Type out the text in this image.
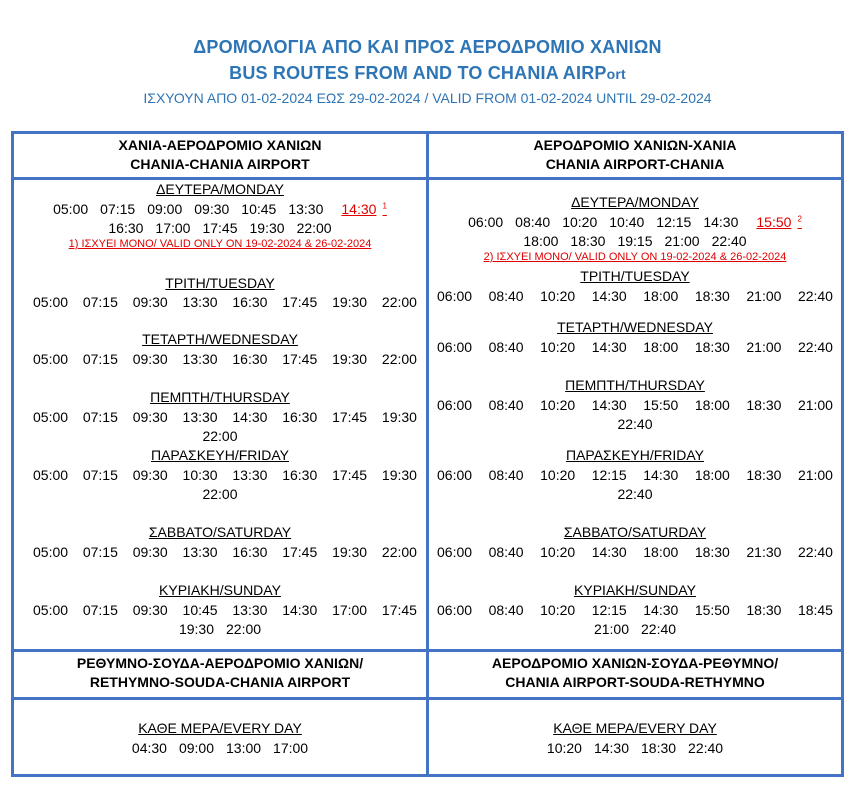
ΔΡΟΜΟΛΟΓΙΑ ΑΠΟ ΚΑΙ ΠΡΟΣ ΑΕΡΟΔΡΟΜΙΟ ΧΑΝΙΩΝ
BUS ROUTES FROM AND TO CHANIA AIRPort
ΙΣΧΥΟΥΝ ΑΠΟ 01-02-2024 ΕΩΣ 29-02-2024 / VALID FROM 01-02-2024 UNTIL 29-02-2024
ΧΑΝΙΑ-ΑΕΡΟΔΡΟΜΙΟ ΧΑΝΙΩΝ
CHANIA-CHANIA AIRPORT
ΑΕΡΟΔΡΟΜΙΟ ΧΑΝΙΩΝ-ΧΑΝΙΑ
CHANIA AIRPORT-CHANIA
ΔΕΥΤΕΡΑ/MONDAY
05:00 07:15 09:00 09:30 10:45 13:30 14:30 $^1$
16:30 17:00 17:45 19:30 22:00
1) ΙΣΧΥΕΙ ΜΟΝΟ/ VALID ONLY ON 19-02-2024 & 26-02-2024
ΤΡΙΤΗ/TUESDAY
05:00 07:15 09:30 13:30 16:30 17:45 19:30 22:00
ΤΕΤΑΡΤΗ/WEDNESDAY
05:00 07:15 09:30 13:30 16:30 17:45 19:30 22:00
ΠΕΜΠΤΗ/THURSDAY
05:00 07:15 09:30 13:30 14:30 16:30 17:45 19:30
22:00
ΠΑΡΑΣΚΕΥΗ/FRIDAY
05:00 07:15 09:30 10:30 13:30 16:30 17:45 19:30
22:00
ΣΑΒΒΑΤΟ/SATURDAY
05:00 07:15 09:30 13:30 16:30 17:45 19:30 22:00
ΚΥΡΙΑΚΗ/SUNDAY
05:00 07:15 09:30 10:45 13:30 14:30 17:00 17:45
19:30 22:00
ΔΕΥΤΕΡΑ/MONDAY
06:00 08:40 10:20 10:40 12:15 14:30 15:50 $^2$
18:00 18:30 19:15 21:00 22:40
2) ΙΣΧΥΕΙ ΜΟΝΟ/ VALID ONLY ON 19-02-2024 & 26-02-2024
ΤΡΙΤΗ/TUESDAY
06:00 08:40 10:20 14:30 18:00 18:30 21:00 22:40
ΤΕΤΑΡΤΗ/WEDNESDAY
06:00 08:40 10:20 14:30 18:00 18:30 21:00 22:40
ΠΕΜΠΤΗ/THURSDAY
06:00 08:40 10:20 14:30 15:50 18:00 18:30 21:00
22:40
ΠΑΡΑΣΚΕΥΗ/FRIDAY
06:00 08:40 10:20 12:15 14:30 18:00 18:30 21:00
22:40
ΣΑΒΒΑΤΟ/SATURDAY
06:00 08:40 10:20 14:30 18:00 18:30 21:30 22:40
ΚΥΡΙΑΚΗ/SUNDAY
06:00 08:40 10:20 12:15 14:30 15:50 18:30 18:45
21:00 22:40
ΡΕΘΥΜΝΟ-ΣΟΥΔΑ-ΑΕΡΟΔΡΟΜΙΟ ΧΑΝΙΩΝ/
RETHYMNO-SOUDA-CHANIA AIRPORT
ΑΕΡΟΔΡΟΜΙΟ ΧΑΝΙΩΝ-ΣΟΥΔΑ-ΡΕΘΥΜΝΟ/
CHANIA AIRPORT-SOUDA-RETHYMNO
ΚΑΘΕ ΜΕΡΑ/EVERY DAY
04:30 09:00 13:00 17:00
ΚΑΘΕ ΜΕΡΑ/EVERY DAY
10:20 14:30 18:30 22:40
